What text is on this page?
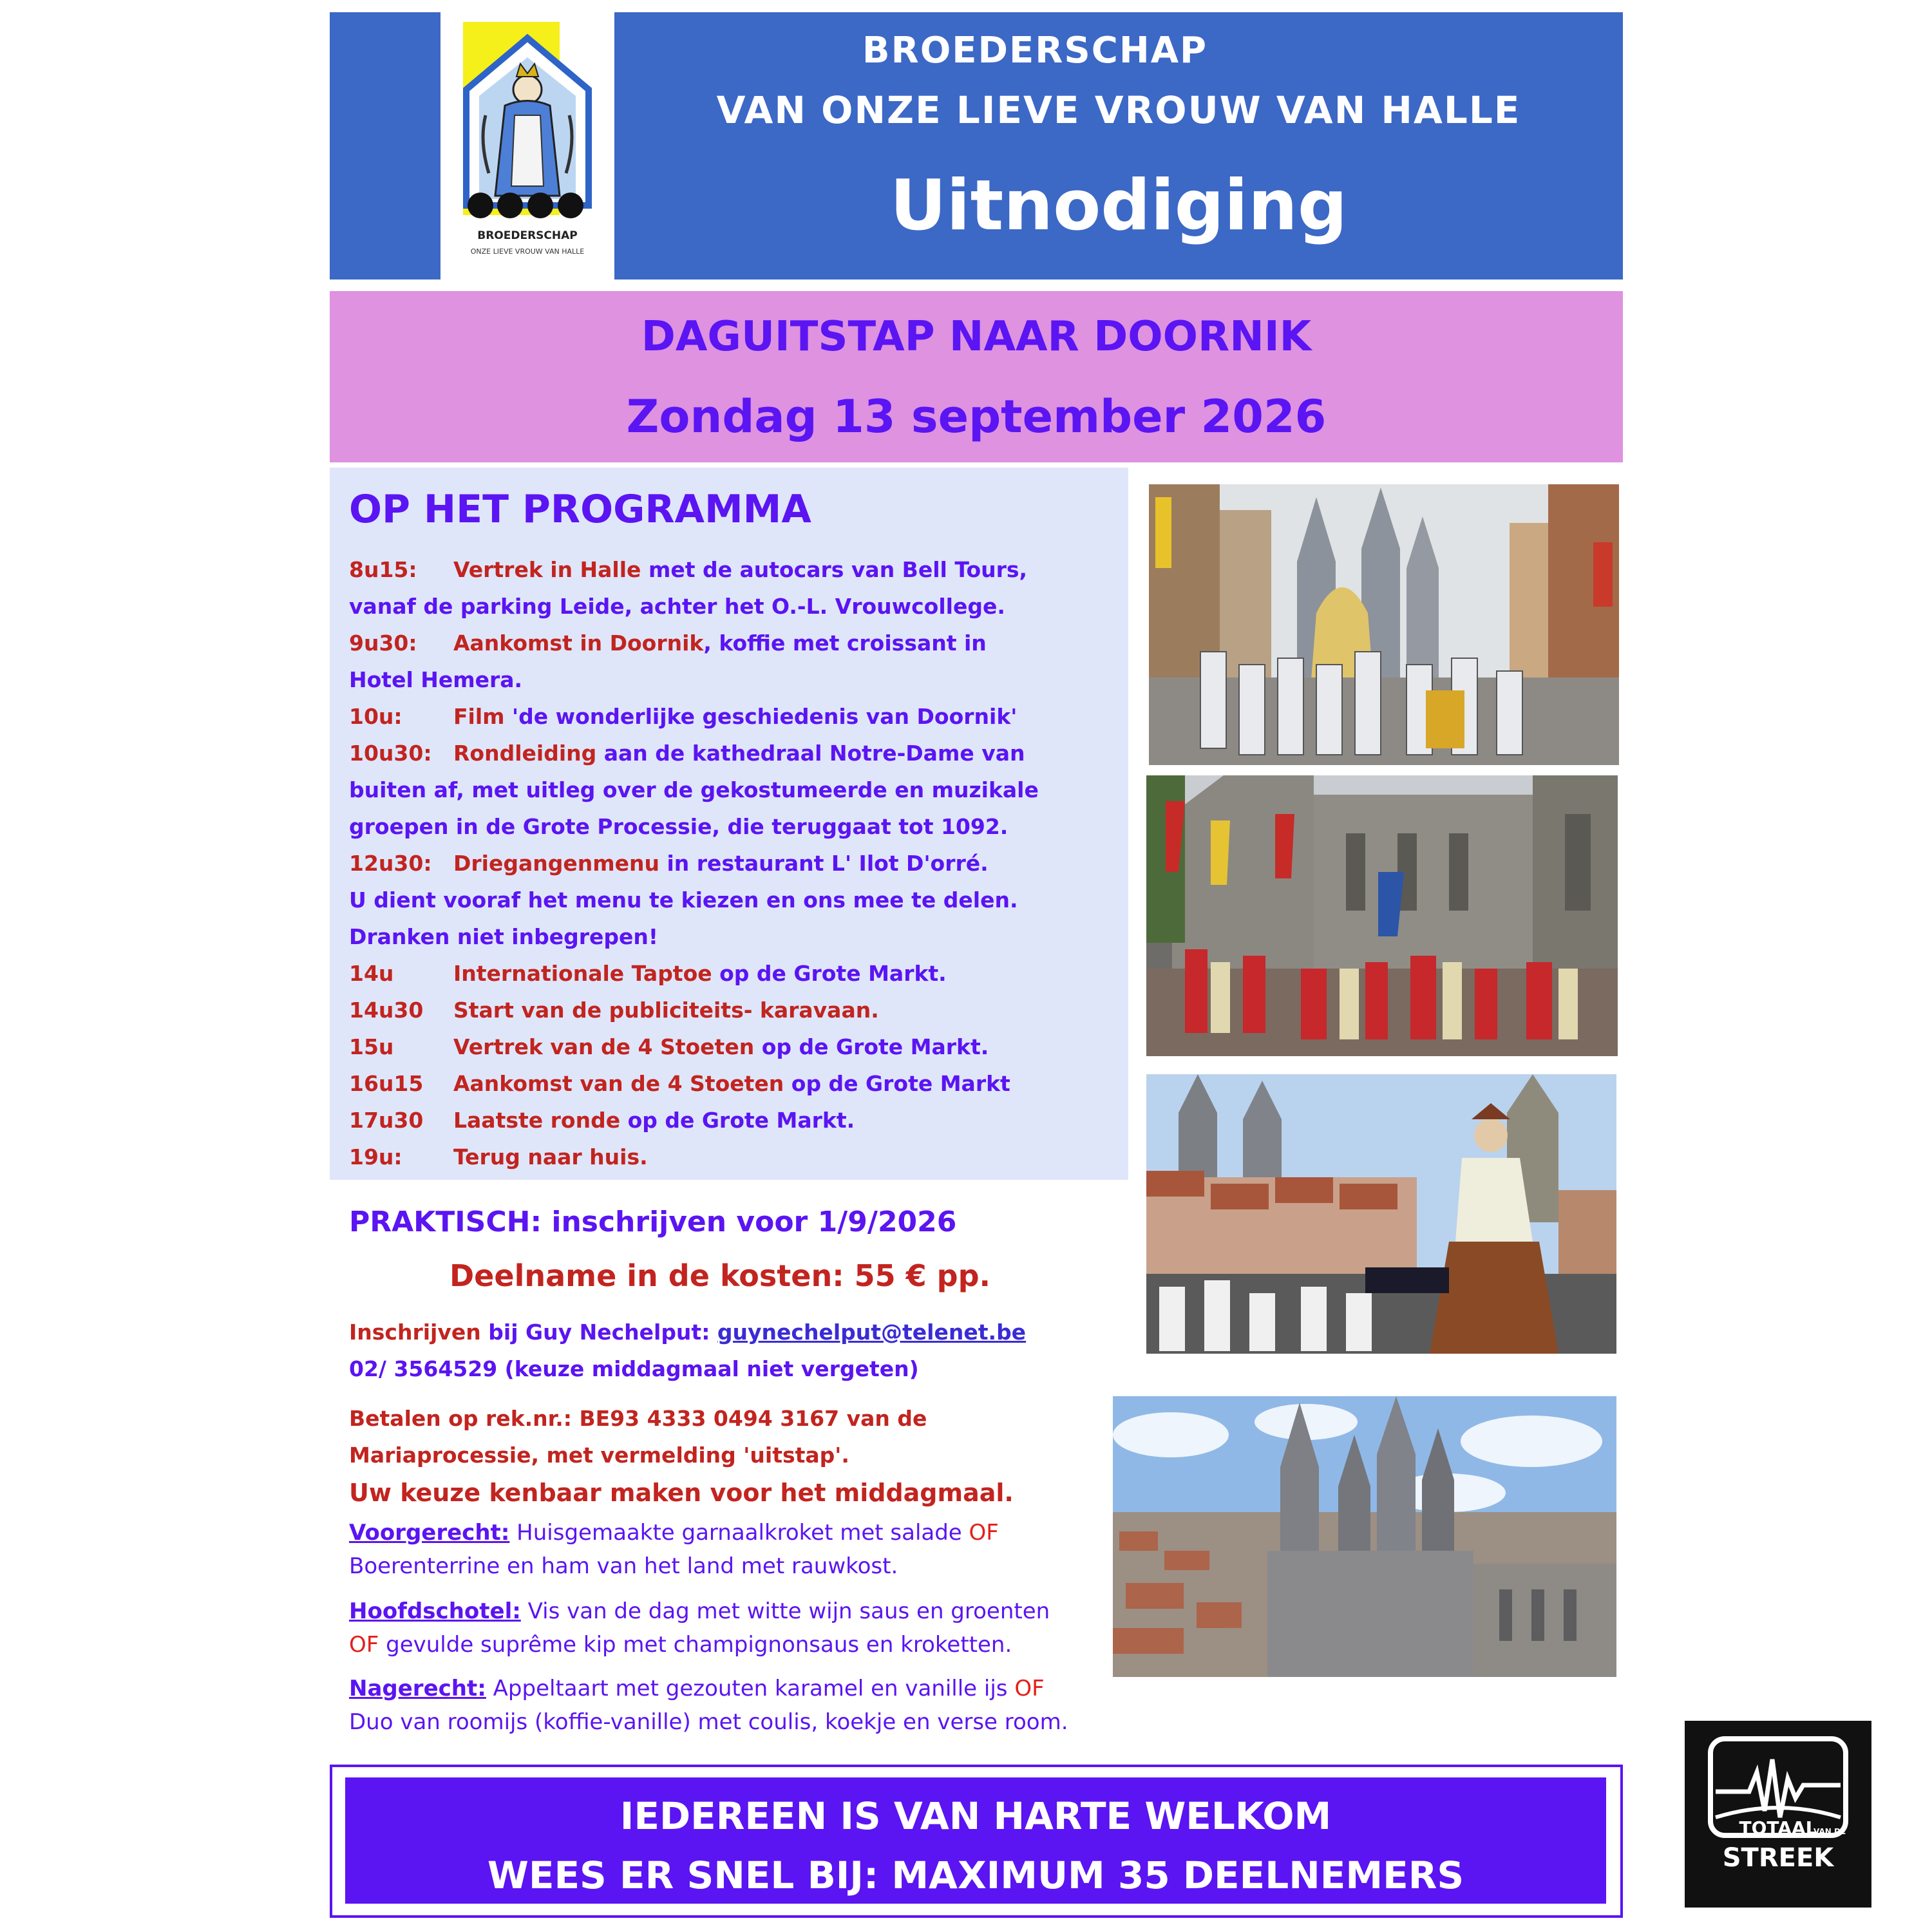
BROEDERSCHAP
ONZE LIEVE VROUW VAN HALLE
BROEDERSCHAP
VAN ONZE LIEVE VROUW VAN HALLE
Uitnodiging
DAGUITSTAP NAAR DOORNIK
Zondag 13 september 2026
OP HET PROGRAMMA
8u15: Vertrek in Halle met de autocars van Bell Tours,
vanaf de parking Leide, achter het O.-L. Vrouwcollege.
9u30: Aankomst in Doornik, koffie met croissant in
Hotel Hemera.
10u: Film 'de wonderlijke geschiedenis van Doornik'
10u30: Rondleiding aan de kathedraal Notre-Dame van
buiten af, met uitleg over de gekostumeerde en muzikale
groepen in de Grote Processie, die teruggaat tot 1092.
12u30: Driegangenmenu in restaurant L' Ilot D'orré.
U dient vooraf het menu te kiezen en ons mee te delen.
Dranken niet inbegrepen!
14u	Internationale Taptoe op de Grote Markt.
14u30 Start van de publiciteits- karavaan.
15u	Vertrek van de 4 Stoeten op de Grote Markt.
16u15 Aankomst van de 4 Stoeten op de Grote Markt
17u30 Laatste ronde op de Grote Markt.
19u: Terug naar huis.

PRAKTISCH: inschrijven voor 1/9/2026

Deelname in de kosten: 55 € pp.

Inschrijven bij Guy Nechelput: guynechelput@telenet.be
02/ 3564529 (keuze middagmaal niet vergeten)
Betalen op rek.nr.: BE93 4333 0494 3167 van de
Mariaprocessie, met vermelding 'uitstap'.
Uw keuze kenbaar maken voor het middagmaal.
Voorgerecht: Huisgemaakte garnaalkroket met salade OF
Boerenterrine en ham van het land met rauwkost.
Hoofdschotel: Vis van de dag met witte wijn saus en groenten
OF gevulde suprême kip met champignonsaus en kroketten.
Nagerecht: Appeltaart met gezouten karamel en vanille ijs OF
Duo van roomijs (koffie-vanille) met coulis, koekje en verse room.
IEDEREEN IS VAN HARTE WELKOM
WEES ER SNEL BIJ: MAXIMUM 35 DEELNEMERS
TOTAAL
VAN DE
STREEK
